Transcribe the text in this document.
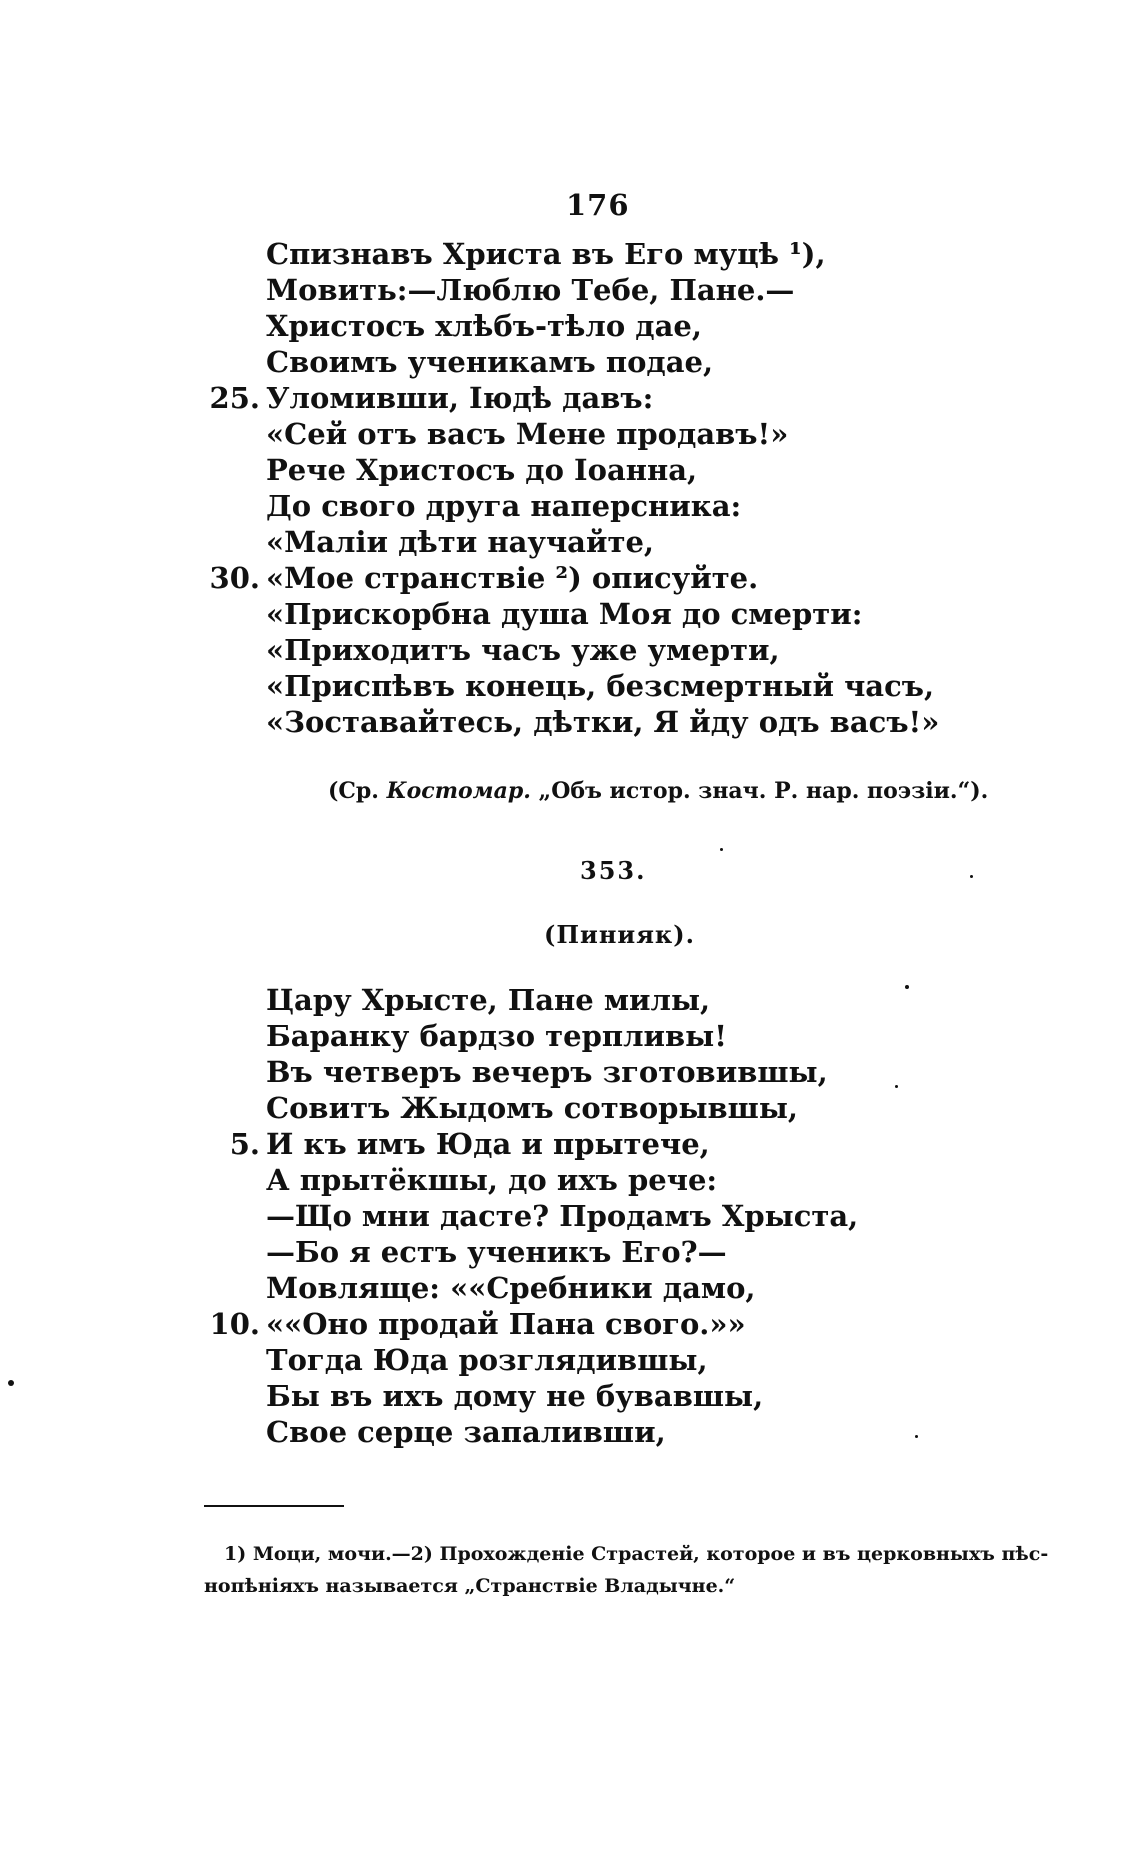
176
Спизнавъ Христа въ Его муцѣ ¹),
Мовить:—Люблю Тебе, Пане.—
Христосъ хлѣбъ-тѣло дае,
Своимъ ученикамъ подае,
25. Уломивши, Іюдѣ давъ:
«Сей отъ васъ Мене продавъ!»
Рече Христосъ до Іоанна,
До свого друга наперсника:
«Маліи дѣти научайте,
30. «Мое странствіе ²) описуйте.
«Прискорбна душа Моя до смерти:
«Приходитъ часъ уже умерти,
«Приспѣвъ конець, безсмертный часъ,
«Зоставайтесь, дѣтки, Я йду одъ васъ!»
(Ср. Костомар. „Объ истор. знач. Р. нар. поэзіи.“).
353.
(Пинияк).
Цару Хрысте, Пане милы,
Баранку бардзо терпливы!
Въ четверъ вечеръ зготовившы,
Совитъ Жыдомъ сотворывшы,
5. И къ имъ Юда и прытече,
А прытёкшы, до ихъ рече:
—Що мни дасте? Продамъ Хрыста,
—Бо я естъ ученикъ Его?—
Мовляще: ««Сребники дамо,
10. ««Оно продай Пана свого.»»
Тогда Юда розглядившы,
Бы въ ихъ дому не бувавшы,
Свое серце запаливши,
1) Моци, мочи.—2) Прохожденіе Страстей, которое и въ церковныхъ пѣс-
нопѣніяхъ называется „Странствіе Владычне.“
